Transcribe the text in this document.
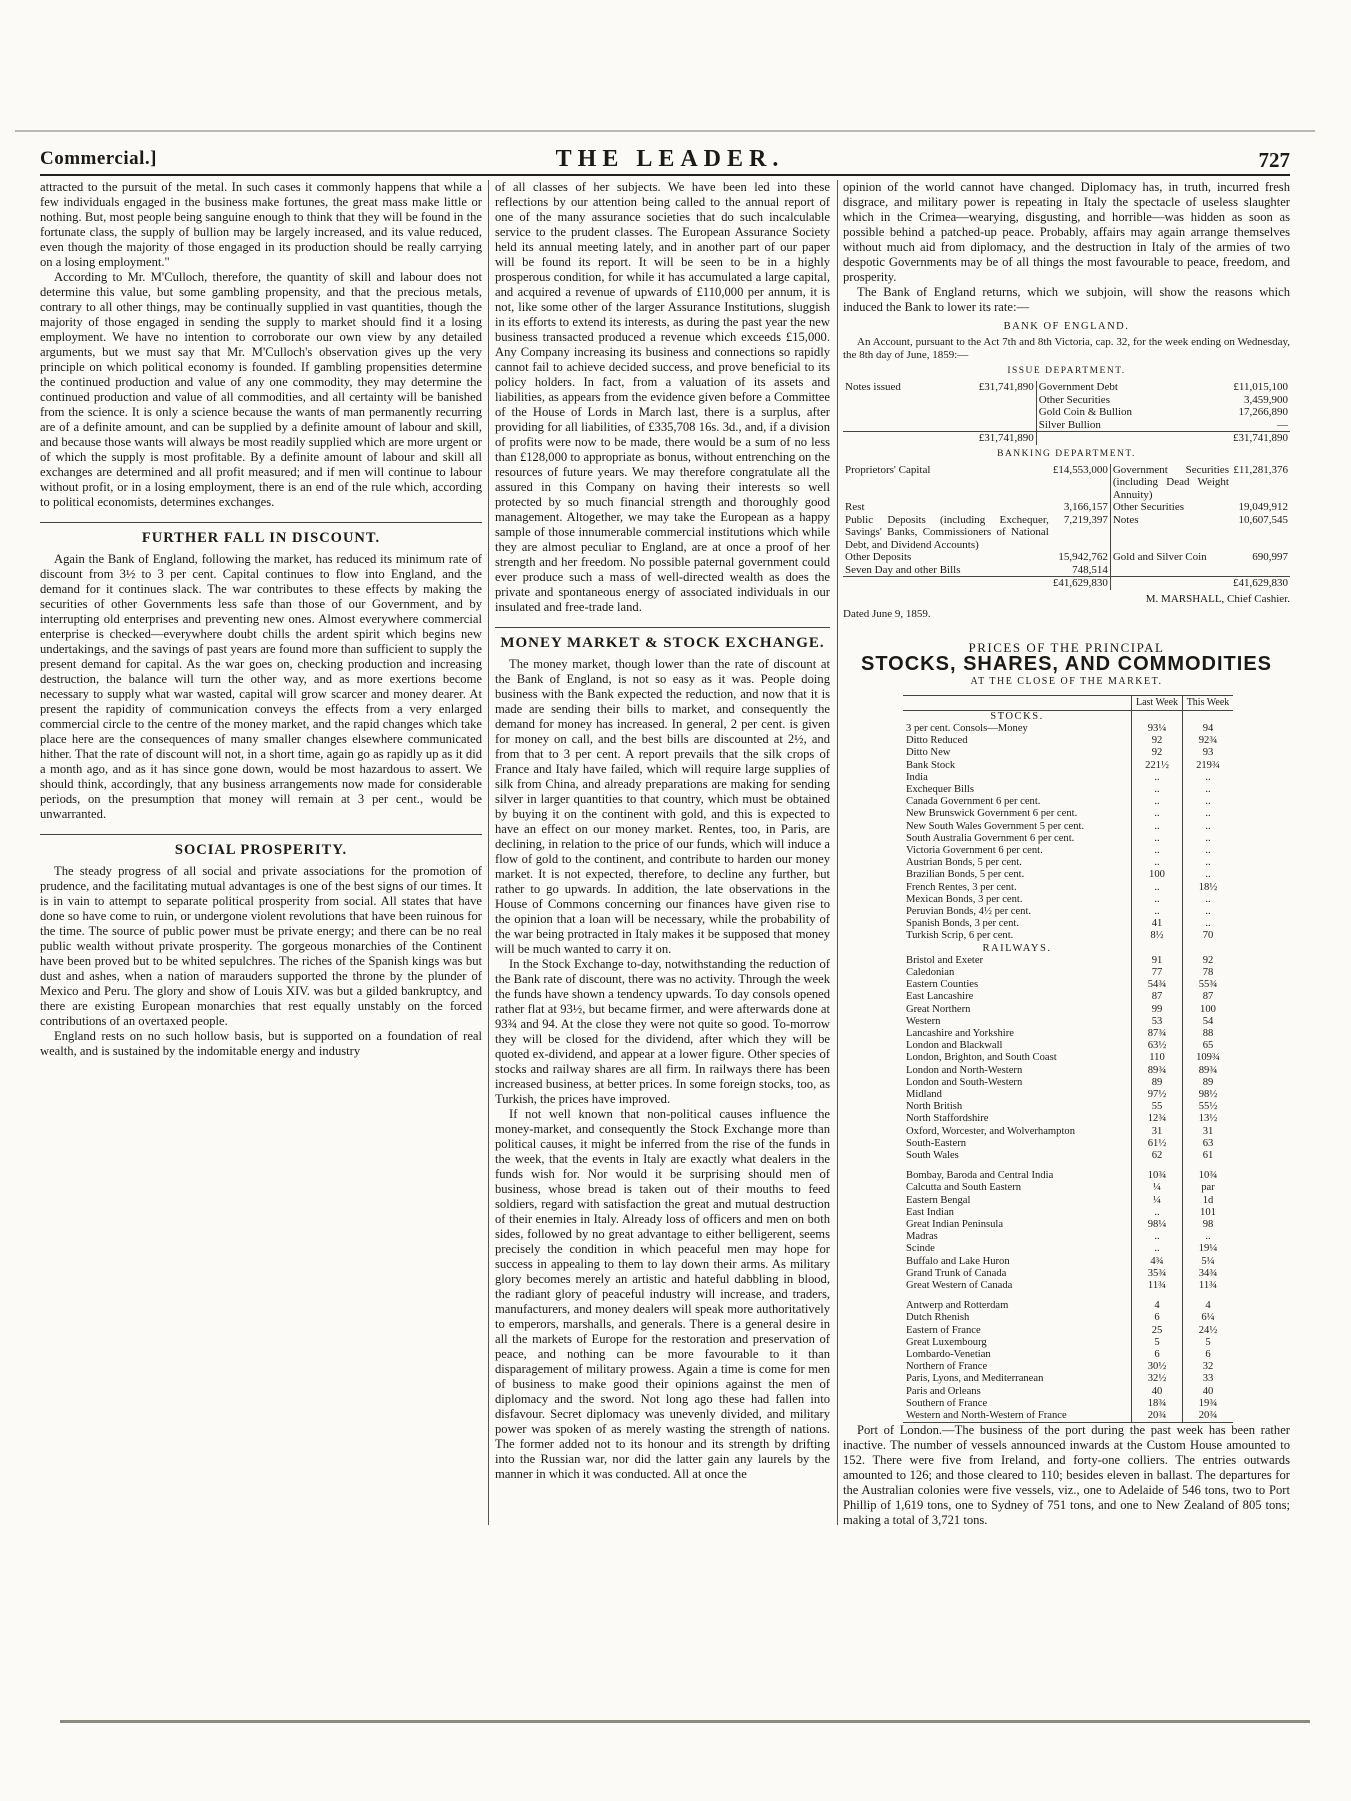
Commercial.]	THE LEADER.	727

attracted to the pursuit of the metal. In such cases it commonly happens that while a few individuals engaged in the business make fortunes, the great mass make little or nothing. But, most people being sanguine enough to think that they will be found in the fortunate class, the supply of bullion may be largely increased, and its value reduced, even though the majority of those engaged in its production should be really carrying on a losing employment."

According to Mr. M'Culloch, therefore, the quantity of skill and labour does not determine this value, but some gambling propensity, and that the precious metals, contrary to all other things, may be continually supplied in vast quantities, though the majority of those engaged in sending the supply to market should find it a losing employment. We have no intention to corroborate our own view by any detailed arguments, but we must say that Mr. M'Culloch's observation gives up the very principle on which political economy is founded. If gambling propensities determine the continued production and value of any one commodity, they may determine the continued production and value of all commodities, and all certainty will be banished from the science. It is only a science because the wants of man permanently recurring are of a definite amount, and can be supplied by a definite amount of labour and skill, and because those wants will always be most readily supplied which are more urgent or of which the supply is most profitable. By a definite amount of labour and skill all exchanges are determined and all profit measured; and if men will continue to labour without profit, or in a losing employment, there is an end of the rule which, according to political economists, determines exchanges.

FURTHER FALL IN DISCOUNT.

Again the Bank of England, following the market, has reduced its minimum rate of discount from 3½ to 3 per cent. Capital continues to flow into England, and the demand for it continues slack. The war contributes to these effects by making the securities of other Governments less safe than those of our Government, and by interrupting old enterprises and preventing new ones. Almost everywhere commercial enterprise is checked—everywhere doubt chills the ardent spirit which begins new undertakings, and the savings of past years are found more than sufficient to supply the present demand for capital. As the war goes on, checking production and increasing destruction, the balance will turn the other way, and as more exertions become necessary to supply what war wasted, capital will grow scarcer and money dearer. At present the rapidity of communication conveys the effects from a very enlarged commercial circle to the centre of the money market, and the rapid changes which take place here are the consequences of many smaller changes elsewhere communicated hither. That the rate of discount will not, in a short time, again go as rapidly up as it did a month ago, and as it has since gone down, would be most hazardous to assert. We should think, accordingly, that any business arrangements now made for considerable periods, on the presumption that money will remain at 3 per cent., would be unwarranted.

SOCIAL PROSPERITY.

The steady progress of all social and private associations for the promotion of prudence, and the facilitating mutual advantages is one of the best signs of our times. It is in vain to attempt to separate political prosperity from social. All states that have done so have come to ruin, or undergone violent revolutions that have been ruinous for the time. The source of public power must be private energy; and there can be no real public wealth without private prosperity. The gorgeous monarchies of the Continent have been proved but to be whited sepulchres. The riches of the Spanish kings was but dust and ashes, when a nation of marauders supported the throne by the plunder of Mexico and Peru. The glory and show of Louis XIV. was but a gilded bankruptcy, and there are existing European monarchies that rest equally unstably on the forced contributions of an overtaxed people.

England rests on no such hollow basis, but is supported on a foundation of real wealth, and is sustained by the indomitable energy and industry

of all classes of her subjects. We have been led into these reflections by our attention being called to the annual report of one of the many assurance societies that do such incalculable service to the prudent classes. The European Assurance Society held its annual meeting lately, and in another part of our paper will be found its report. It will be seen to be in a highly prosperous condition, for while it has accumulated a large capital, and acquired a revenue of upwards of £110,000 per annum, it is not, like some other of the larger Assurance Institutions, sluggish in its efforts to extend its interests, as during the past year the new business transacted produced a revenue which exceeds £15,000. Any Company increasing its business and connections so rapidly cannot fail to achieve decided success, and prove beneficial to its policy holders. In fact, from a valuation of its assets and liabilities, as appears from the evidence given before a Committee of the House of Lords in March last, there is a surplus, after providing for all liabilities, of £335,708 16s. 3d., and, if a division of profits were now to be made, there would be a sum of no less than £128,000 to appropriate as bonus, without entrenching on the resources of future years. We may therefore congratulate all the assured in this Company on having their interests so well protected by so much financial strength and thoroughly good management. Altogether, we may take the European as a happy sample of those innumerable commercial institutions which while they are almost peculiar to England, are at once a proof of her strength and her freedom. No possible paternal government could ever produce such a mass of well-directed wealth as does the private and spontaneous energy of associated individuals in our insulated and free-trade land.

MONEY MARKET & STOCK EXCHANGE.

The money market, though lower than the rate of discount at the Bank of England, is not so easy as it was. People doing business with the Bank expected the reduction, and now that it is made are sending their bills to market, and consequently the demand for money has increased. In general, 2 per cent. is given for money on call, and the best bills are discounted at 2½, and from that to 3 per cent. A report prevails that the silk crops of France and Italy have failed, which will require large supplies of silk from China, and already preparations are making for sending silver in larger quantities to that country, which must be obtained by buying it on the continent with gold, and this is expected to have an effect on our money market. Rentes, too, in Paris, are declining, in relation to the price of our funds, which will induce a flow of gold to the continent, and contribute to harden our money market. It is not expected, therefore, to decline any further, but rather to go upwards. In addition, the late observations in the House of Commons concerning our finances have given rise to the opinion that a loan will be necessary, while the probability of the war being protracted in Italy makes it be supposed that money will be much wanted to carry it on.

In the Stock Exchange to-day, notwithstanding the reduction of the Bank rate of discount, there was no activity. Through the week the funds have shown a tendency upwards. To day consols opened rather flat at 93½, but became firmer, and were afterwards done at 93¾ and 94. At the close they were not quite so good. To-morrow they will be closed for the dividend, after which they will be quoted ex-dividend, and appear at a lower figure. Other species of stocks and railway shares are all firm. In railways there has been increased business, at better prices. In some foreign stocks, too, as Turkish, the prices have improved.

If not well known that non-political causes influence the money-market, and consequently the Stock Exchange more than political causes, it might be inferred from the rise of the funds in the week, that the events in Italy are exactly what dealers in the funds wish for. Nor would it be surprising should men of business, whose bread is taken out of their mouths to feed soldiers, regard with satisfaction the great and mutual destruction of their enemies in Italy. Already loss of officers and men on both sides, followed by no great advantage to either belligerent, seems precisely the condition in which peaceful men may hope for success in appealing to them to lay down their arms. As military glory becomes merely an artistic and hateful dabbling in blood, the radiant glory of peaceful industry will increase, and traders, manufacturers, and money dealers will speak more authoritatively to emperors, marshalls, and generals. There is a general desire in all the markets of Europe for the restoration and preservation of peace, and nothing can be more favourable to it than disparagement of military prowess. Again a time is come for men of business to make good their opinions against the men of diplomacy and the sword. Not long ago these had fallen into disfavour. Secret diplomacy was unevenly divided, and military power was spoken of as merely wasting the strength of nations. The former added not to its honour and its strength by drifting into the Russian war, nor did the latter gain any laurels by the manner in which it was conducted. All at once the

opinion of the world cannot have changed. Diplomacy has, in truth, incurred fresh disgrace, and military power is repeating in Italy the spectacle of useless slaughter which in the Crimea—wearying, disgusting, and horrible—was hidden as soon as possible behind a patched-up peace. Probably, affairs may again arrange themselves without much aid from diplomacy, and the destruction in Italy of the armies of two despotic Governments may be of all things the most favourable to peace, freedom, and prosperity.

The Bank of England returns, which we subjoin, will show the reasons which induced the Bank to lower its rate:—

BANK OF ENGLAND.
An Account, pursuant to the Act 7th and 8th Victoria, cap. 32, for the week ending on Wednesday, the 8th day of June, 1859:—
ISSUE DEPARTMENT.
Notes issued	£31,741,890	Government Debt	£11,015,100
		Other Securities	3,459,900
		Gold Coin & Bullion	17,266,890
		Silver Bullion	—
	£31,741,890		£31,741,890
BANKING DEPARTMENT.
Proprietors' Capital	£14,553,000	Government Securities (including Dead Weight Annuity)	£11,281,376
Rest	3,166,157	Other Securities	19,049,912
Public Deposits (including Exchequer, Savings' Banks, Commissioners of National Debt, and Dividend Accounts)	7,219,397	Notes	10,607,545
Other Deposits	15,942,762	Gold and Silver Coin	690,997
Seven Day and other Bills	748,514		
	£41,629,830		£41,629,830
M. MARSHALL, Chief Cashier.
Dated June 9, 1859.
PRICES OF THE PRINCIPAL
STOCKS, SHARES, AND COMMODITIES
AT THE CLOSE OF THE MARKET.
	Last Week	This Week
STOCKS.		
3 per cent. Consols—Money	93¼	94
Ditto Reduced	92	92¾
Ditto New	92	93
Bank Stock	221½	219¾
India	..	..
Exchequer Bills	..	..
Canada Government 6 per cent.	..	..
New Brunswick Government 6 per cent.	..	..
New South Wales Government 5 per cent.	..	..
South Australia Government 6 per cent.	..	..
Victoria Government 6 per cent.	..	..
Austrian Bonds, 5 per cent.	..	..
Brazilian Bonds, 5 per cent.	100	..
French Rentes, 3 per cent.	..	18½
Mexican Bonds, 3 per cent.	..	..
Peruvian Bonds, 4½ per cent.	..	..
Spanish Bonds, 3 per cent.	41	..
Turkish Scrip, 6 per cent.	8½	70
RAILWAYS.		
Bristol and Exeter	91	92
Caledonian	77	78
Eastern Counties	54¾	55¾
East Lancashire	87	87
Great Northern	99	100
Western	53	54
Lancashire and Yorkshire	87¾	88
London and Blackwall	63½	65
London, Brighton, and South Coast	110	109¾
London and North-Western	89¾	89¾
London and South-Western	89	89
Midland	97½	98½
North British	55	55½
North Staffordshire	12¾	13½
Oxford, Worcester, and Wolverhampton	31	31
South-Eastern	61½	63
South Wales	62	61

Bombay, Baroda and Central India	10¾	10¾
Calcutta and South Eastern	¼	par
Eastern Bengal	¼	1d
East Indian	..	101
Great Indian Peninsula	98¼	98
Madras	..	..
Scinde	..	19¼
Buffalo and Lake Huron	4¾	5¼
Grand Trunk of Canada	35¾	34¾
Great Western of Canada	11¾	11¾

Antwerp and Rotterdam	4	4
Dutch Rhenish	6	6¼
Eastern of France	25	24½
Great Luxembourg	5	5
Lombardo-Venetian	6	6
Northern of France	30½	32
Paris, Lyons, and Mediterranean	32½	33
Paris and Orleans	40	40
Southern of France	18¾	19¾
Western and North-Western of France	20¾	20¾

Port of London.—The business of the port during the past week has been rather inactive. The number of vessels announced inwards at the Custom House amounted to 152. There were five from Ireland, and forty-one colliers. The entries outwards amounted to 126; and those cleared to 110; besides eleven in ballast. The departures for the Australian colonies were five vessels, viz., one to Adelaide of 546 tons, two to Port Phillip of 1,619 tons, one to Sydney of 751 tons, and one to New Zealand of 805 tons; making a total of 3,721 tons.
